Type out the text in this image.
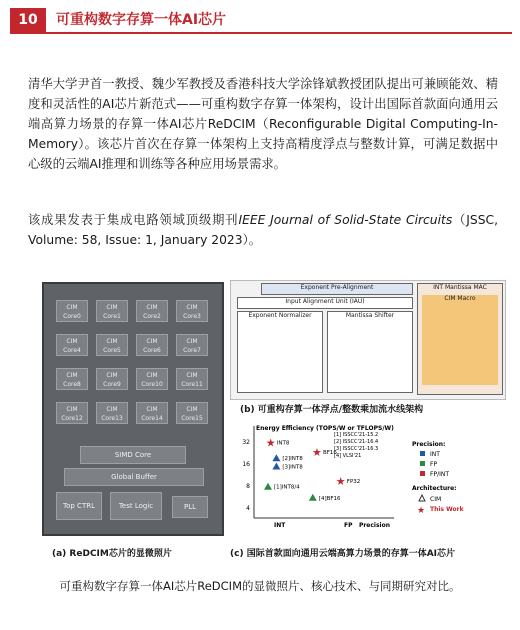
10	可重构数字存算一体AI芯片
清华大学尹首一教授、魏少军教授及香港科技大学涂锋斌教授团队提出可兼顾能效、精度和灵活性的AI芯片新范式——可重构数字存算一体架构，设计出国际首款面向通用云端高算力场景的存算一体AI芯片ReDCIM（Reconfigurable Digital Computing-In-Memory）。该芯片首次在存算一体架构上支持高精度浮点与整数计算，可满足数据中心级的云端AI推理和训练等各种应用场景需求。
该成果发表于集成电路领域顶级期刊IEEE Journal of Solid-State Circuits（JSSC, Volume: 58, Issue: 1, January 2023）。
CIM Core0
CIM Core1
CIM Core2
CIM Core3
CIM Core4
CIM Core5
CIM Core6
CIM Core7
CIM Core8
CIM Core9
CIM Core10
CIM Core11
CIM Core12
CIM Core13
CIM Core14
CIM Core15
SIMD Core
Global Buffer
Top CTRL	Test Logic	PLL
(a) ReDCIM芯片的显微照片
Exponent Pre-Alignment
Input Alignment Unit (IAU)
Exponent Normalizer	Mantissa Shifter
INT Mantissa MAC

CIM Macro
(b) 可重构存算一体浮点/整数乘加流水线架构
Energy Efficiency (TOPS/W or TFLOPS/W)
32
16
8
4
INT	FP Precision
[1] ISSCC'21-15.2
[2] ISSCC'21-16.4
[3] ISSCC'21-16.3
[4] VLSI'21
★ INT8
[2]INT8
[3]INT8
★ BF16
[1]INT8/4	★ FP32
[4]BF16
Precision:
INT
FP
FP/INT
Architecture:
CIM
★ This Work
(c) 国际首款面向通用云端高算力场景的存算一体AI芯片
可重构数字存算一体AI芯片ReDCIM的显微照片、核心技术、与同期研究对比。
